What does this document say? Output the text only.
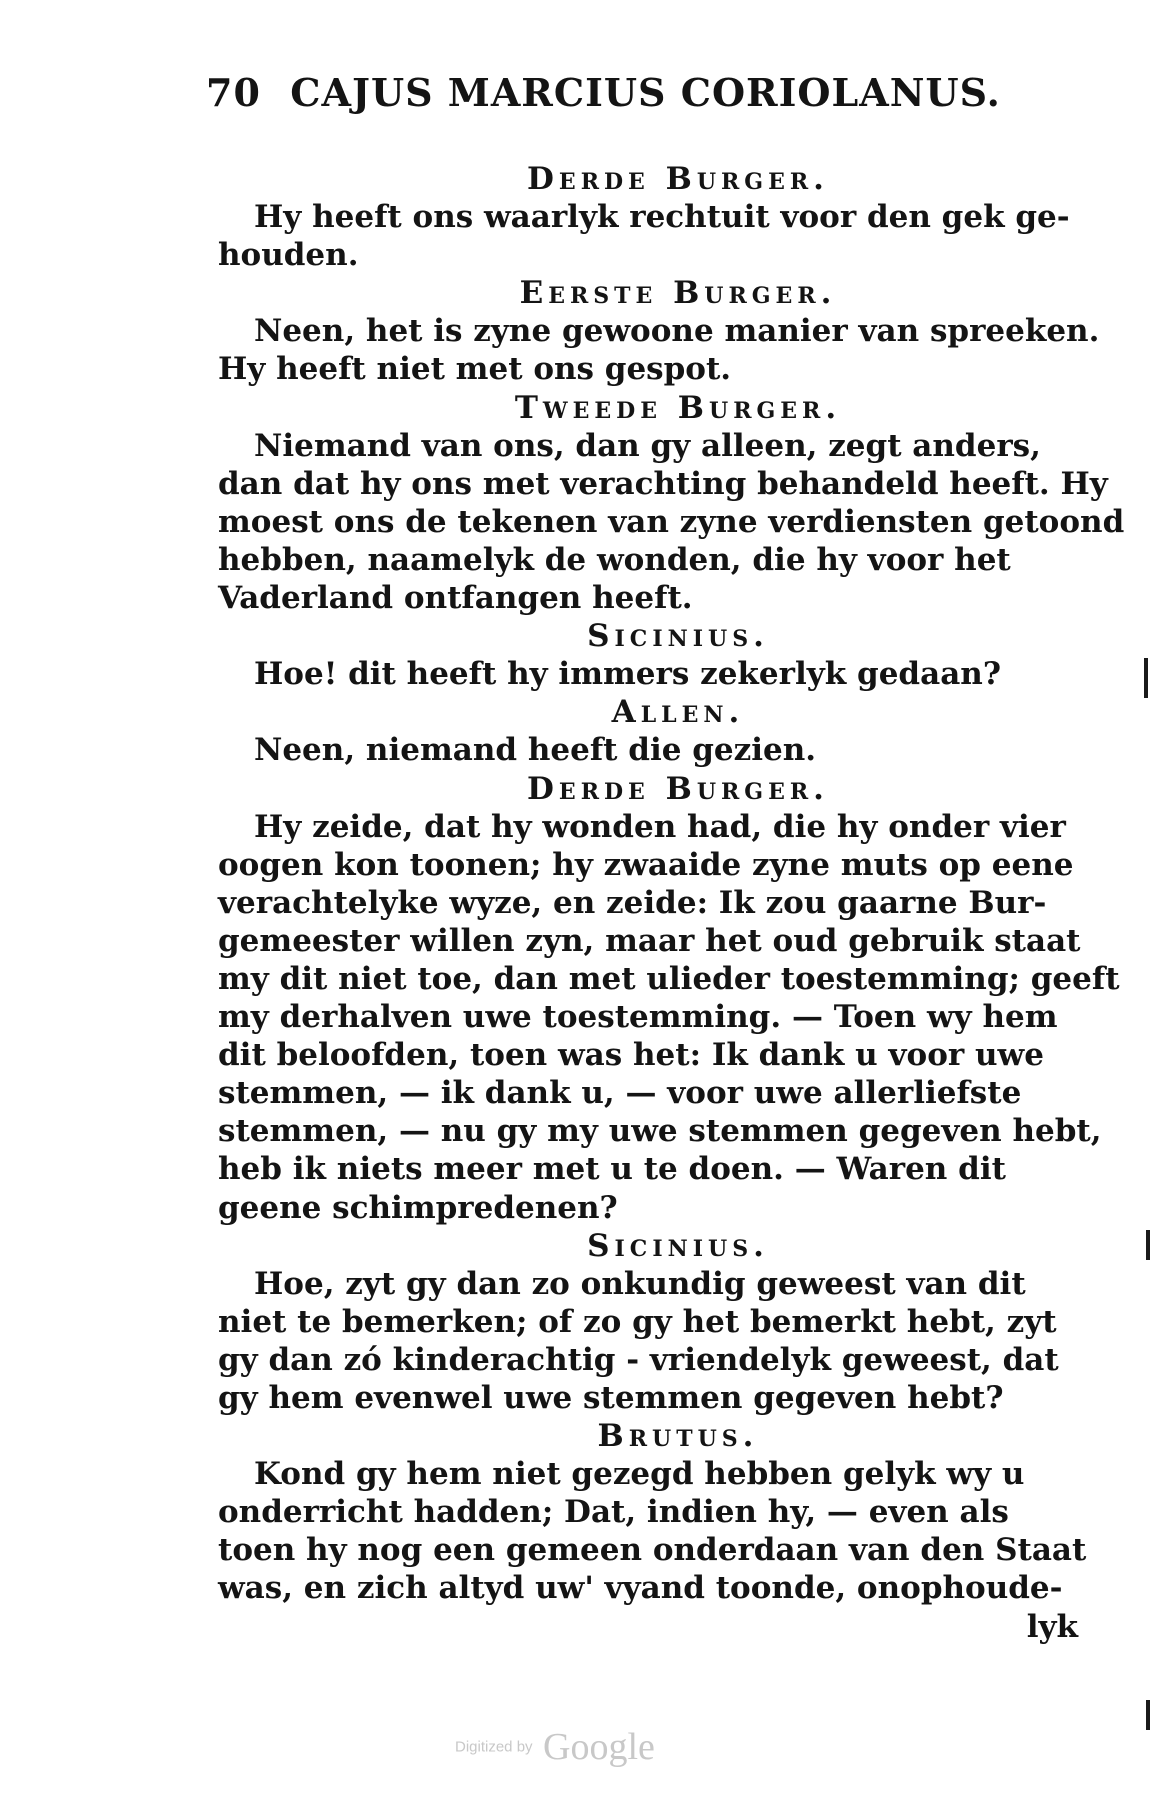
70 CAJUS MARCIUS CORIOLANUS.
Derde Burger.
Hy heeft ons waarlyk rechtuit voor den gek ge-
houden.
Eerste Burger.
Neen, het is zyne gewoone manier van spreeken.
Hy heeft niet met ons gespot.
Tweede Burger.
Niemand van ons, dan gy alleen, zegt anders,
dan dat hy ons met verachting behandeld heeft. Hy
moest ons de tekenen van zyne verdiensten getoond
hebben, naamelyk de wonden, die hy voor het
Vaderland ontfangen heeft.
Sicinius.
Hoe! dit heeft hy immers zekerlyk gedaan?
Allen.
Neen, niemand heeft die gezien.
Derde Burger.
Hy zeide, dat hy wonden had, die hy onder vier
oogen kon toonen; hy zwaaide zyne muts op eene
verachtelyke wyze, en zeide: Ik zou gaarne Bur-
gemeester willen zyn, maar het oud gebruik staat
my dit niet toe, dan met ulieder toestemming; geeft
my derhalven uwe toestemming. — Toen wy hem
dit beloofden, toen was het: Ik dank u voor uwe
stemmen, — ik dank u, — voor uwe allerliefste
stemmen, — nu gy my uwe stemmen gegeven hebt,
heb ik niets meer met u te doen. — Waren dit
geene schimpredenen?
Sicinius.
Hoe, zyt gy dan zo onkundig geweest van dit
niet te bemerken; of zo gy het bemerkt hebt, zyt
gy dan zó kinderachtig - vriendelyk geweest, dat
gy hem evenwel uwe stemmen gegeven hebt?
Brutus.
Kond gy hem niet gezegd hebben gelyk wy u
onderricht hadden; Dat, indien hy, — even als
toen hy nog een gemeen onderdaan van den Staat
was, en zich altyd uw' vyand toonde, onophoude-
lyk
Digitized by Google
